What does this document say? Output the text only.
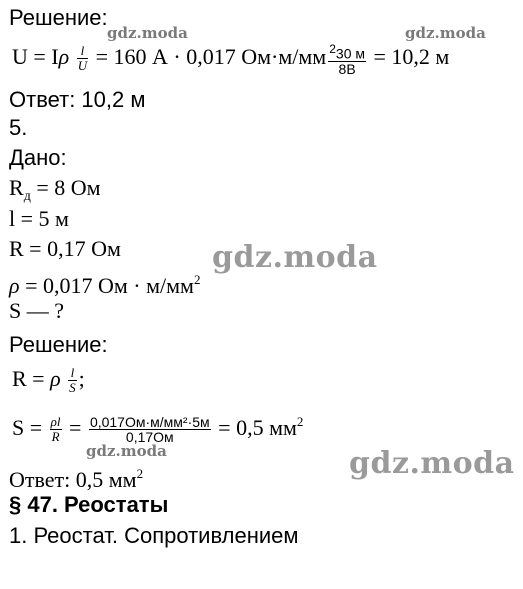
Решение:
gdz.moda	gdz.moda
U = Iρ $\frac{l}{U} = 160$ А · 0,017 $Ом\cdot м/мм \frac{^230 м}{8В} = 10,2$ м
Ответ: 10,2 м
5.
Дано:
$R_д = 8$ Ом
l = 5 м
R = 0,17 Ом	gdz.moda
ρ = 0,017 Ом · $м/мм^2$
S — ?
Решение:
R = ρ $\frac{l}{S}$ ;
$S = \frac{\rho l}{R} = \frac{\text{0,017Ом·м/мм²·5м}}{0,17Ом} = 0,5$ $мм^2$
gdz.moda
Ответ: 0,5 $мм^2$	gdz.moda
§ 47. Реостаты
1. Реостат. Сопротивлением
